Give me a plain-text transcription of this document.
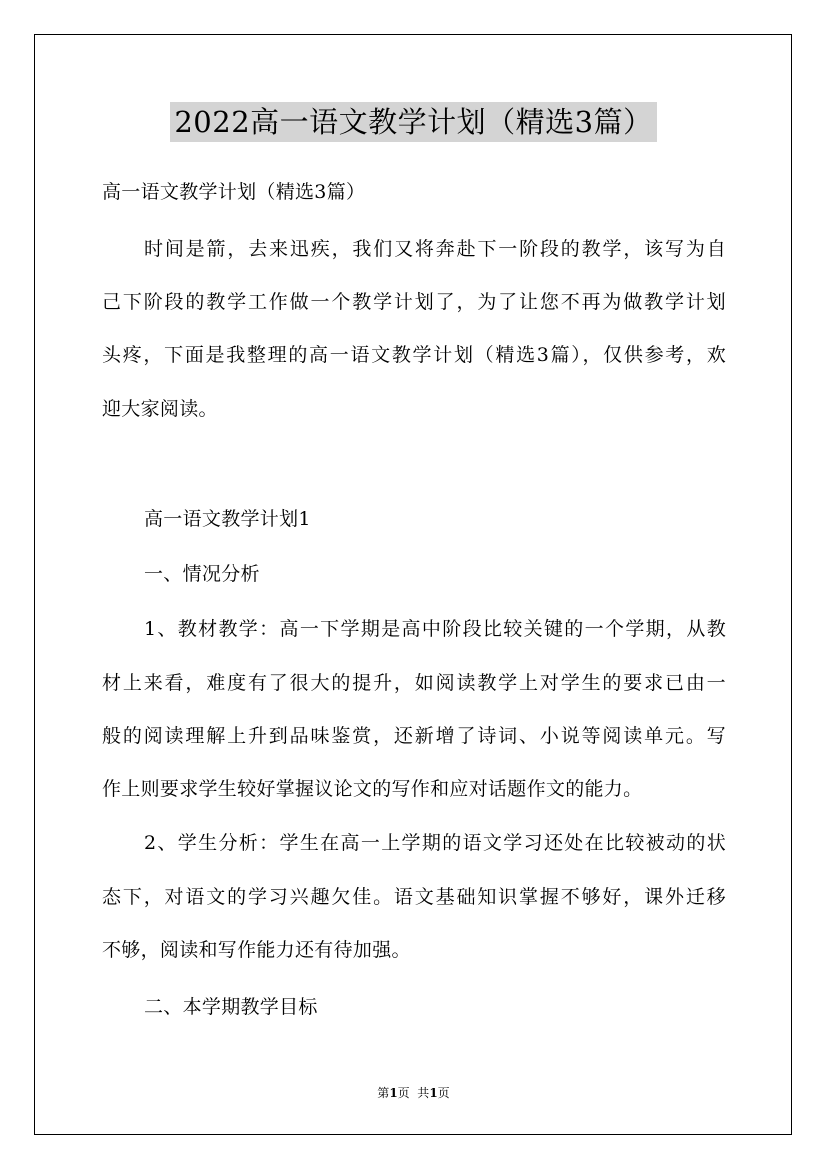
2022高一语文教学计划（精选3篇）
高一语文教学计划（精选3篇）
时间是箭，去来迅疾，我们又将奔赴下一阶段的教学，该写为自
己下阶段的教学工作做一个教学计划了，为了让您不再为做教学计划
头疼，下面是我整理的高一语文教学计划（精选3篇），仅供参考，欢
迎大家阅读。
高一语文教学计划1
一、情况分析
1、教材教学：高一下学期是高中阶段比较关键的一个学期，从教
材上来看，难度有了很大的提升，如阅读教学上对学生的要求已由一
般的阅读理解上升到品味鉴赏，还新增了诗词、小说等阅读单元。写
作上则要求学生较好掌握议论文的写作和应对话题作文的能力。
2、学生分析：学生在高一上学期的语文学习还处在比较被动的状
态下，对语文的学习兴趣欠佳。语文基础知识掌握不够好，课外迁移
不够，阅读和写作能力还有待加强。
二、本学期教学目标
第1页  共1页
